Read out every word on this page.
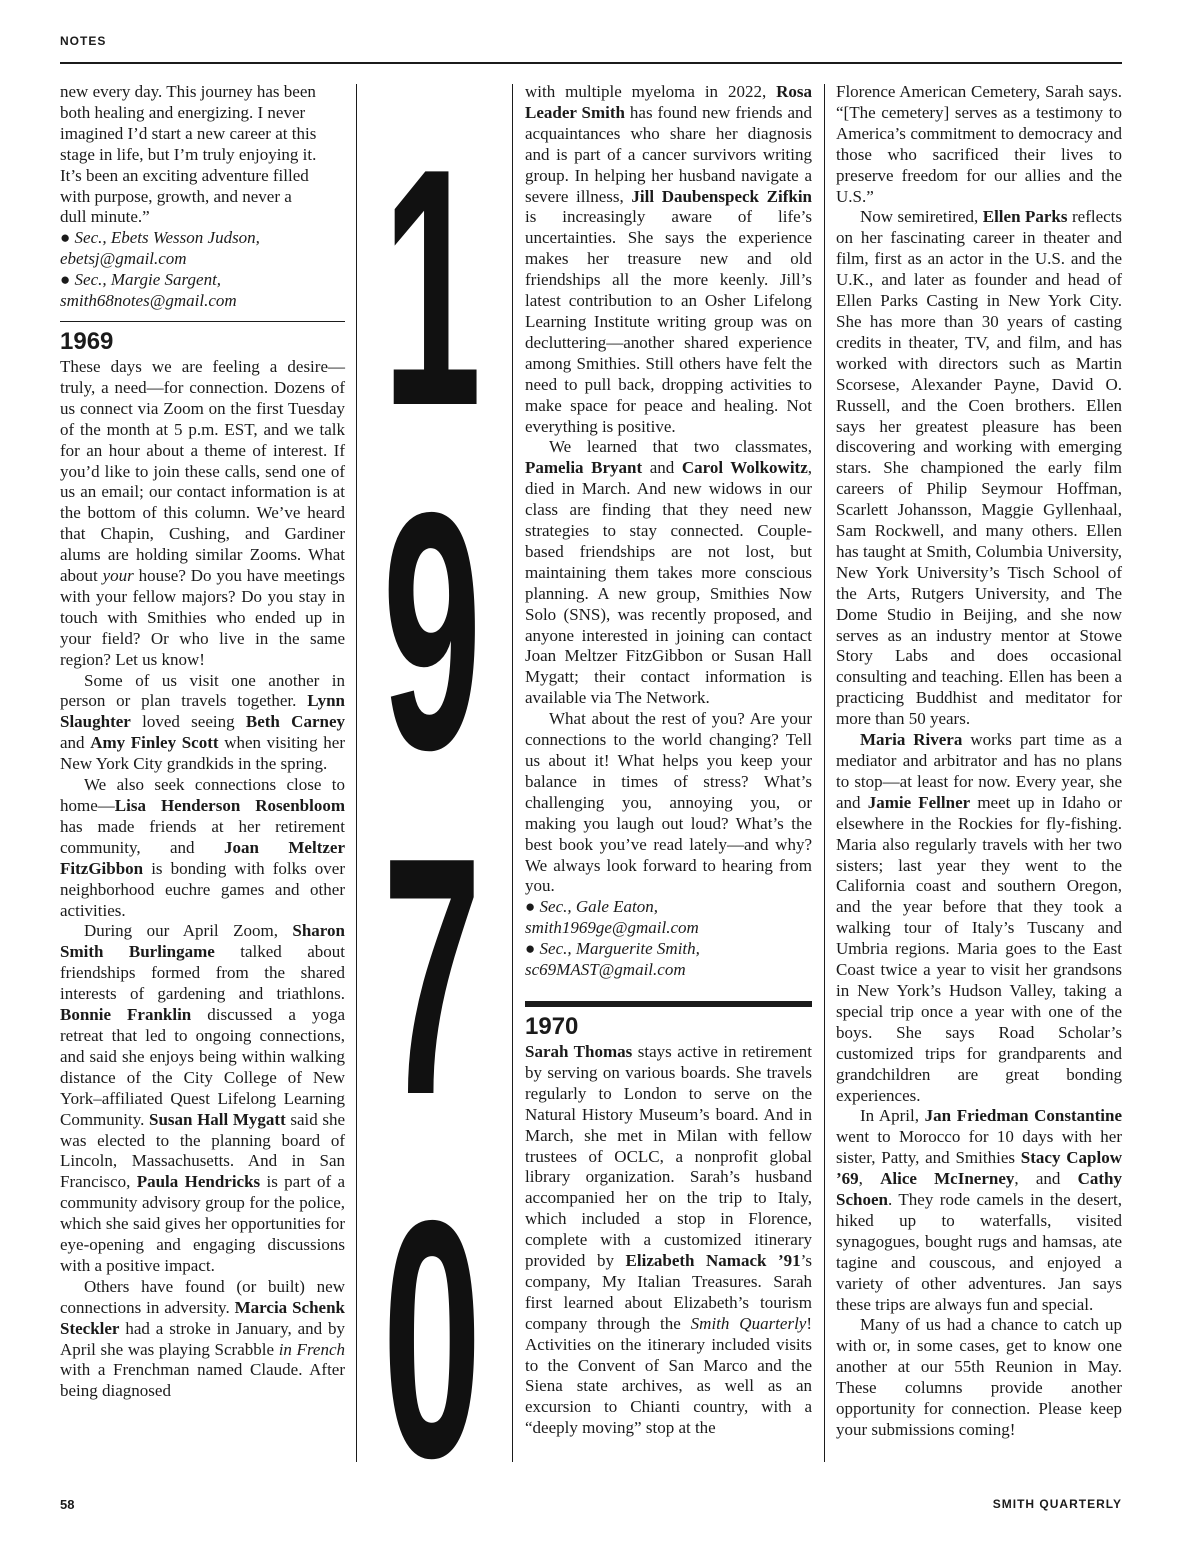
NOTES

new every day. This journey has been
both healing and energizing. I never
imagined I’d start a new career at this
stage in life, but I’m truly enjoying it.
It’s been an exciting adventure filled
with purpose, growth, and never a
dull minute.”

● Sec., Ebets Wesson Judson,
ebetsj@gmail.com

● Sec., Margie Sargent,
smith68notes@gmail.com

1969

These days we are feeling a desire— truly, a need—for connection. Dozens of us connect via Zoom on the first Tuesday of the month at 5 p.m. EST, and we talk for an hour about a theme of interest. If you’d like to join these calls, send one of us an email; our contact information is at the bottom of this column. We’ve heard that Chapin, Cushing, and Gardiner alums are holding similar Zooms. What about your house? Do you have meetings with your fellow majors? Do you stay in touch with Smithies who ended up in your field? Or who live in the same region? Let us know!

Some of us visit one another in person or plan travels together. Lynn Slaughter loved seeing Beth Carney and Amy Finley Scott when visiting her New York City grandkids in the spring.

We also seek connections close to home—Lisa Henderson Rosenbloom has made friends at her retirement community, and Joan Meltzer FitzGibbon is bonding with folks over neighborhood euchre games and other activities.

During our April Zoom, Sharon Smith Burlingame talked about friendships formed from the shared interests of gardening and triathlons. Bonnie Franklin discussed a yoga retreat that led to ongoing connections, and said she enjoys being within walking distance of the City College of New York–affiliated Quest Lifelong Learning Community. Susan Hall Mygatt said she was elected to the planning board of Lincoln, Massachusetts. And in San Francisco, Paula Hendricks is part of a community advisory group for the police, which she said gives her opportunities for eye-opening and engaging discussions with a positive impact.

Others have found (or built) new connections in adversity. Marcia Schenk Steckler had a stroke in January, and by April she was playing Scrabble in French with a Frenchman named Claude. After being diagnosed

1
9
7
0

with multiple myeloma in 2022, Rosa Leader Smith has found new friends and acquaintances who share her diagnosis and is part of a cancer survivors writing group. In helping her husband navigate a severe illness, Jill Daubenspeck Zifkin is increasingly aware of life’s uncertainties. She says the experience makes her treasure new and old friendships all the more keenly. Jill’s latest contribution to an Osher Lifelong Learning Institute writing group was on decluttering—another shared experience among Smithies. Still others have felt the need to pull back, dropping activities to make space for peace and healing. Not everything is positive.

We learned that two classmates, Pamelia Bryant and Carol Wolkowitz, died in March. And new widows in our class are finding that they need new strategies to stay connected. Couple-based friendships are not lost, but maintaining them takes more conscious planning. A new group, Smithies Now Solo (SNS), was recently proposed, and anyone interested in joining can contact Joan Meltzer FitzGibbon or Susan Hall Mygatt; their contact information is available via The Network.

What about the rest of you? Are your connections to the world changing? Tell us about it! What helps you keep your balance in times of stress? What’s challenging you, annoying you, or making you laugh out loud? What’s the best book you’ve read lately—and why? We always look forward to hearing from you.

● Sec., Gale Eaton,
smith1969ge@gmail.com

● Sec., Marguerite Smith,
sc69MAST@gmail.com

1970

Sarah Thomas stays active in retirement by serving on various boards. She travels regularly to London to serve on the Natural History Museum’s board. And in March, she met in Milan with fellow trustees of OCLC, a nonprofit global library organization. Sarah’s husband accompanied her on the trip to Italy, which included a stop in Florence, complete with a customized itinerary provided by Elizabeth Namack ’91’s company, My Italian Treasures. Sarah first learned about Elizabeth’s tourism company through the Smith Quarterly! Activities on the itinerary included visits to the Convent of San Marco and the Siena state archives, as well as an excursion to Chianti country, with a “deeply moving” stop at the

Florence American Cemetery, Sarah says. “[The cemetery] serves as a testimony to America’s commitment to democracy and those who sacrificed their lives to preserve freedom for our allies and the U.S.”

Now semiretired, Ellen Parks reflects on her fascinating career in theater and film, first as an actor in the U.S. and the U.K., and later as founder and head of Ellen Parks Casting in New York City. She has more than 30 years of casting credits in theater, TV, and film, and has worked with directors such as Martin Scorsese, Alexander Payne, David O. Russell, and the Coen brothers. Ellen says her greatest pleasure has been discovering and working with emerging stars. She championed the early film careers of Philip Seymour Hoffman, Scarlett Johansson, Maggie Gyllenhaal, Sam Rockwell, and many others. Ellen has taught at Smith, Columbia University, New York University’s Tisch School of the Arts, Rutgers University, and The Dome Studio in Beijing, and she now serves as an industry mentor at Stowe Story Labs and does occasional consulting and teaching. Ellen has been a practicing Buddhist and meditator for more than 50 years.

Maria Rivera works part time as a mediator and arbitrator and has no plans to stop—at least for now. Every year, she and Jamie Fellner meet up in Idaho or elsewhere in the Rockies for fly-fishing. Maria also regularly travels with her two sisters; last year they went to the California coast and southern Oregon, and the year before that they took a walking tour of Italy’s Tuscany and Umbria regions. Maria goes to the East Coast twice a year to visit her grandsons in New York’s Hudson Valley, taking a special trip once a year with one of the boys. She says Road Scholar’s customized trips for grandparents and grandchildren are great bonding experiences.

In April, Jan Friedman Constantine went to Morocco for 10 days with her sister, Patty, and Smithies Stacy Caplow ’69, Alice McInerney, and Cathy Schoen. They rode camels in the desert, hiked up to waterfalls, visited synagogues, bought rugs and hamsas, ate tagine and couscous, and enjoyed a variety of other adventures. Jan says these trips are always fun and special.

Many of us had a chance to catch up with or, in some cases, get to know one another at our 55th Reunion in May. These columns provide another opportunity for connection. Please keep your submissions coming!

58	SMITH QUARTERLY
